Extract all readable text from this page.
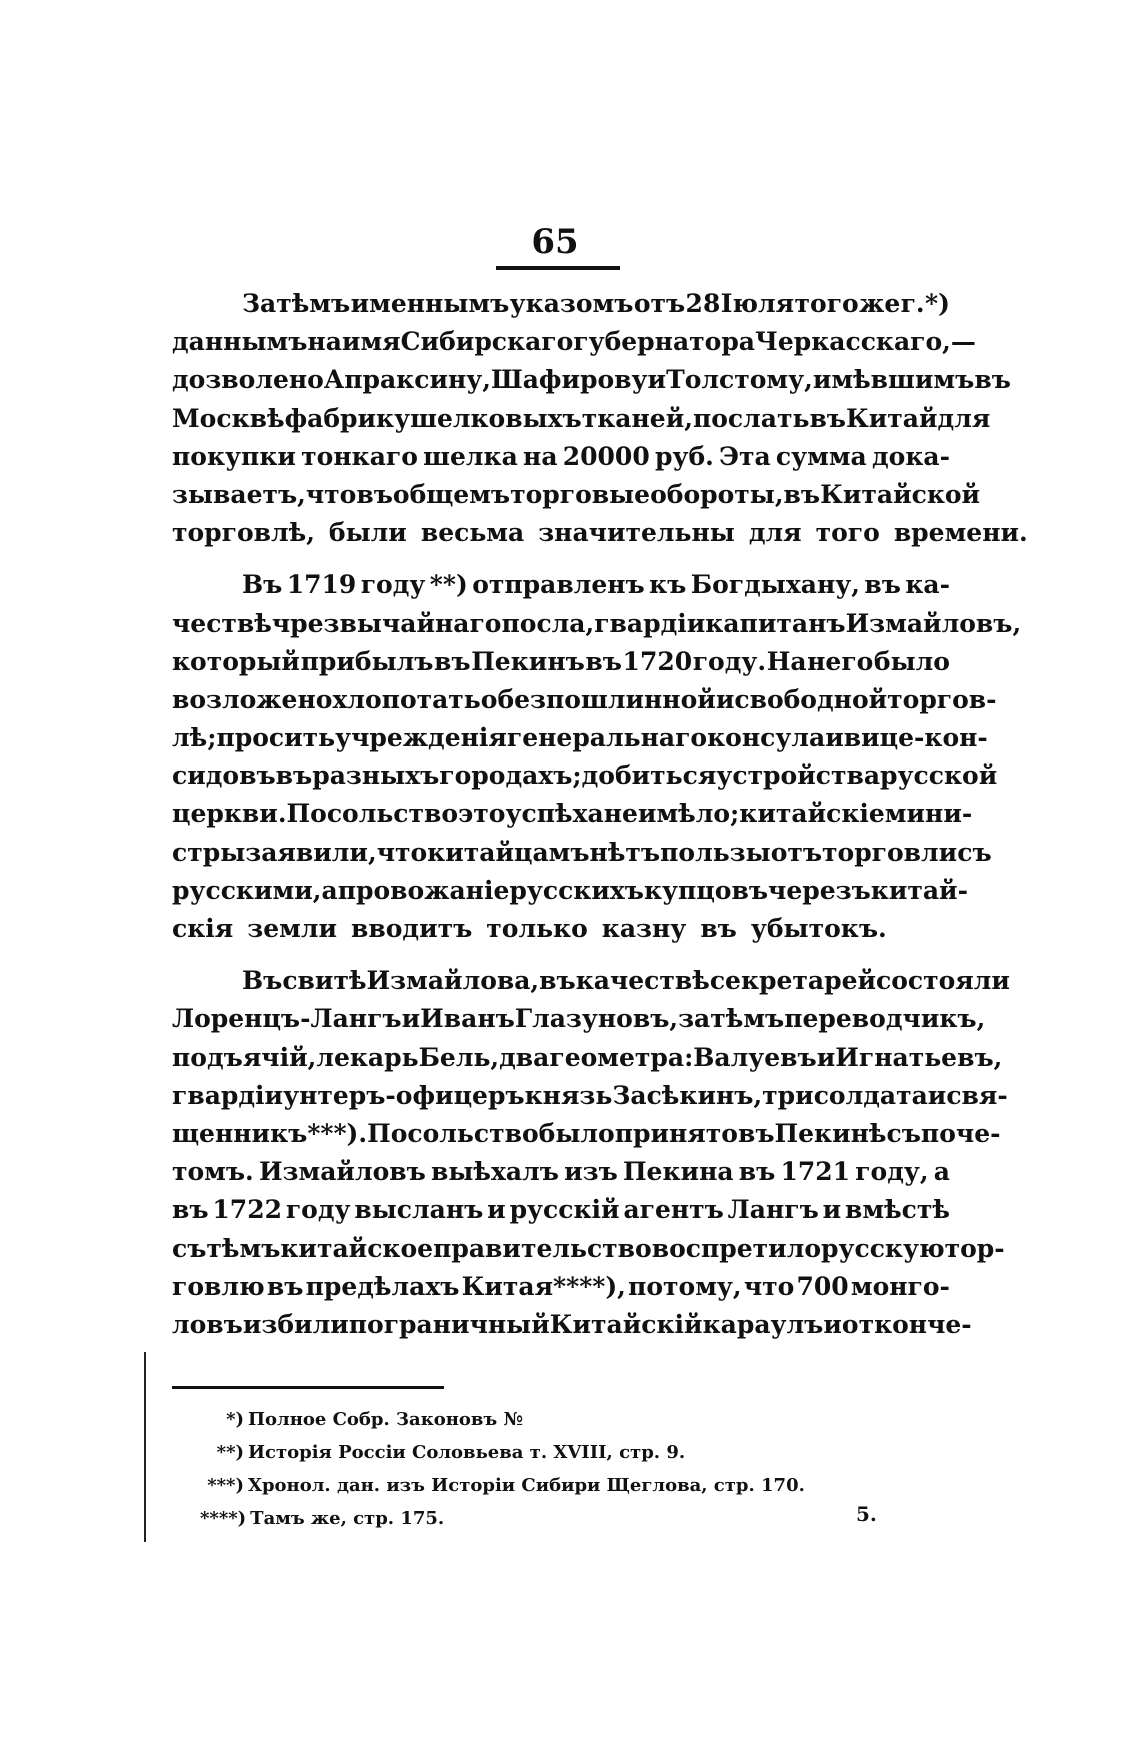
65
Затѣмъ именнымъ указомъ отъ 28 Іюля того же г. *)
даннымъ на имя Сибирскаго губернатора Черкасскаго,—
дозволено Апраксину, Шафирову и Толстому, имѣвшимъ въ
Москвѣ фабрику шелковыхъ тканей, послать въ Китай для
покупки тонкаго шелка на 20000 руб. Эта сумма дока-
зываетъ, что въ общемъ торговые обороты, въ Китайской
торговлѣ, были весьма значительны для того времени.
Въ 1719 году **) отправленъ къ Богдыхану, въ ка-
чествѣ чрезвычайнаго посла, гвардіи капитанъ Измайловъ,
который прибылъ въ Пекинъ въ 1720 году. На него было
возложено хлопотать о безпошлинной и свободной торгов-
лѣ; просить учрежденія генеральнаго консула и вице-кон-
сидовъ въ разныхъ городахъ; добиться устройства русской
церкви. Посольство это успѣха не имѣло; китайскіе мини-
стры заявили, что китайцамъ нѣтъ пользы отъ торговли съ
русскими, а провожаніе русскихъ купцовъ черезъ китай-
скія земли вводитъ только казну въ убытокъ.
Въ свитѣ Измайлова, въ качествѣ секретарей состояли
Лоренцъ-Лангъ и Иванъ Глазуновъ, затѣмъ переводчикъ,
подъячій, лекарь Бель, два геометра: Валуевъ и Игнатьевъ,
гвардіи унтеръ-офицеръ князь Засѣкинъ, три солдата и свя-
щенникъ***). Посольство было принято въ Пекинѣ съ поче-
томъ. Измайловъ выѣхалъ изъ Пекина въ 1721 году, а
въ 1722 году высланъ и русскій агентъ Лангъ и вмѣстѣ
съ тѣмъ китайское правительство воспретило русскую тор-
говлю въ предѣлахъ Китая****), потому, что 700 монго-
ловъ избили пограничный Китайскій караулъ и отконче-
*) Полное Собр. Законовъ №
**) Исторія Россіи Соловьева т. XVIII, стр. 9.
***) Хронол. дан. изъ Исторіи Сибири Щеглова, стр. 170.
****) Тамъ же, стр. 175.	5.
